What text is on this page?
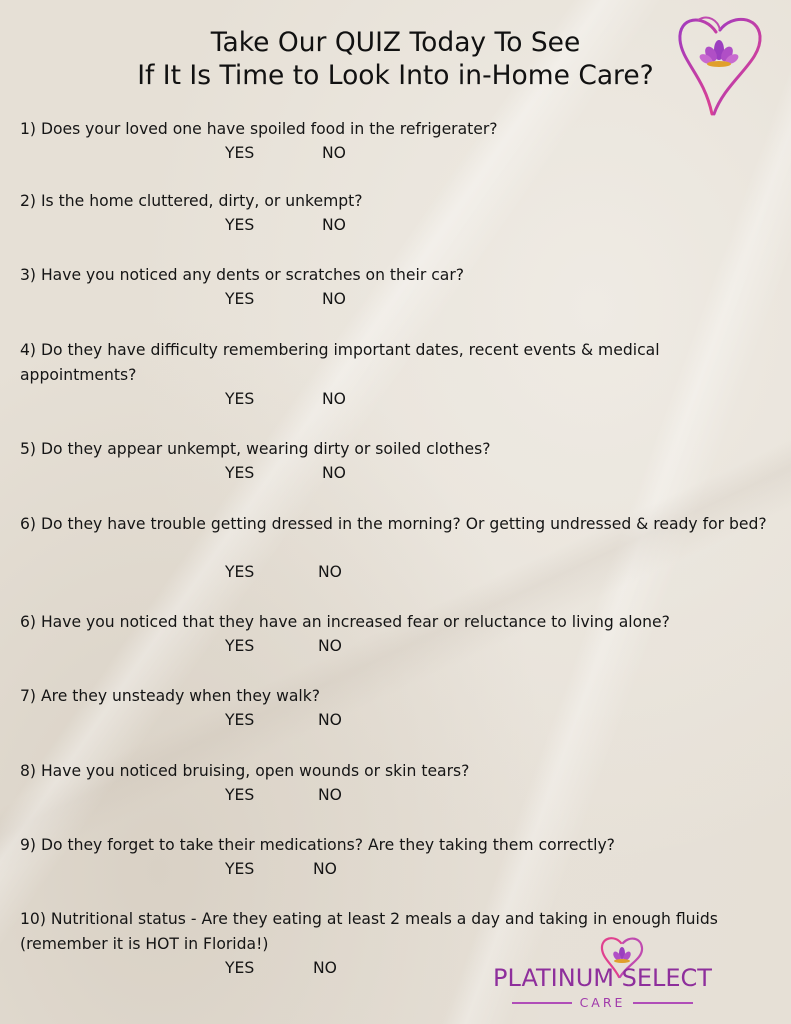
Take Our QUIZ Today To See
If It Is Time to Look Into in-Home Care?

1) Does your loved one have spoiled food in the refrigerater?

YES	NO

2) Is the home cluttered, dirty, or unkempt?

YES	NO

3) Have you noticed any dents or scratches on their car?

YES	NO

4) Do they have difficulty remembering important dates, recent events & medical appointments?

YES	NO

5) Do they appear unkempt, wearing dirty or soiled clothes?

YES	NO

6) Do they have trouble getting dressed in the morning? Or getting undressed & ready for bed?

YES	NO

6) Have you noticed that they have an increased fear or reluctance to living alone?

YES	NO

7) Are they unsteady when they walk?

YES	NO

8) Have you noticed bruising, open wounds or skin tears?

YES	NO

9) Do they forget to take their medications? Are they taking them correctly?

YES	NO

10) Nutritional status - Are they eating at least 2 meals a day and taking in enough fluids (remember it is HOT in Florida!)

YES	NO	PLATINUM SELECT
CARE
